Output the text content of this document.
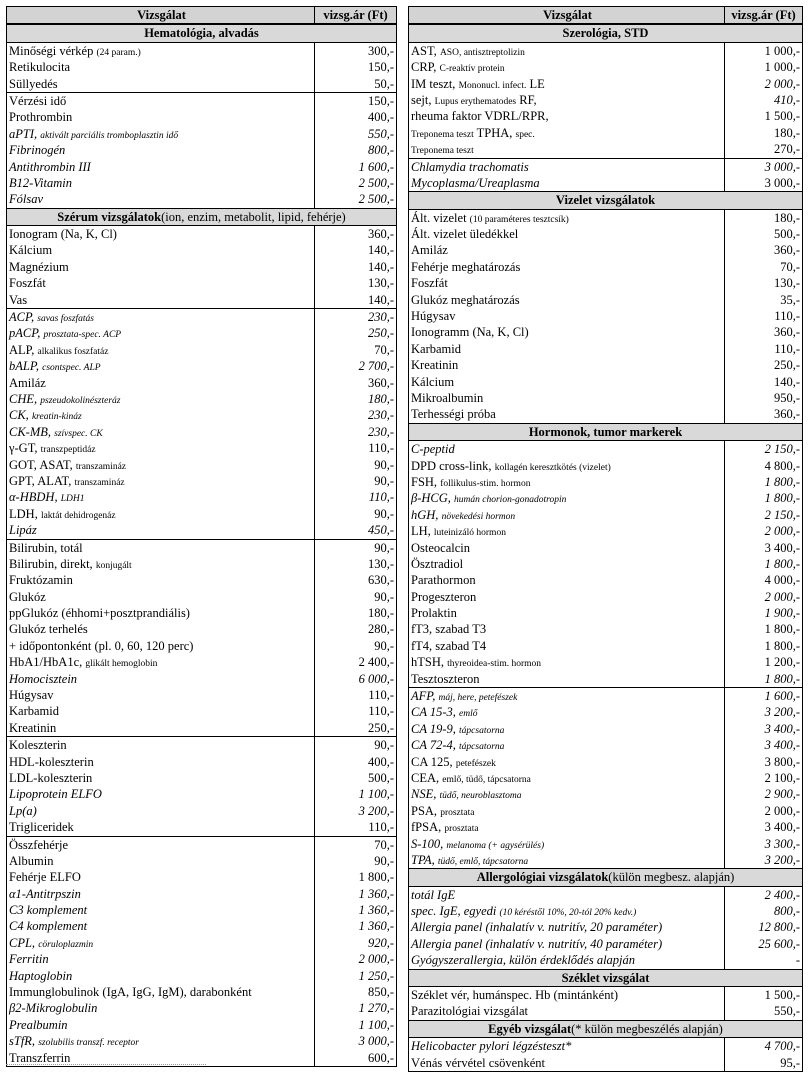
Vizsgálat	vizsg.ár (Ft)
Hematológia, alvadás
Minőségi vérkép (24 param.)	300,-
Retikulocita	150,-
Süllyedés	50,-
Vérzési idő	150,-
Prothrombin	400,-
aPTI, aktivált parciális tromboplasztin idő	550,-
Fibrinogén	800,-
Antithrombin III	1 600,-
B12-Vitamin	2 500,-
Fólsav	2 500,-
Szérum vizsgálatok(ion, enzim, metabolit, lipid, fehérje)
Ionogram (Na, K, Cl)	360,-
Kálcium	140,-
Magnézium	140,-
Foszfát	130,-
Vas	140,-
ACP, savas foszfatás	230,-
pACP, prosztata-spec. ACP	250,-
ALP, alkalikus foszfatáz	70,-
bALP, csontspec. ALP	2 700,-
Amiláz	360,-
CHE, pszeudokolinészteráz	180,-
CK, kreatin-kináz	230,-
CK-MB, szívspec. CK	230,-
γ-GT, transzpeptidáz	110,-
GOT, ASAT, transzamináz	90,-
GPT, ALAT, transzamináz	90,-
α-HBDH, LDH1	110,-
LDH, laktát dehidrogenáz	90,-
Lipáz	450,-
Bilirubin, totál	90,-
Bilirubin, direkt, konjugált	130,-
Fruktózamin	630,-
Glukóz	90,-
ppGlukóz (éhhomi+posztprandiális)	180,-
Glukóz terhelés	280,-
+ időpontonként (pl. 0, 60, 120 perc)	90,-
HbA1/HbA1c, glikált hemoglobin	2 400,-
Homocisztein	6 000,-
Húgysav	110,-
Karbamid	110,-
Kreatinin	250,-
Koleszterin	90,-
HDL-koleszterin	400,-
LDL-koleszterin	500,-
Lipoprotein ELFO	1 100,-
Lp(a)	3 200,-
Trigliceridek	110,-
Összfehérje	70,-
Albumin	90,-
Fehérje ELFO	1 800,-
α1-Antitrpszin	1 360,-
C3 komplement	1 360,-
C4 komplement	1 360,-
CPL, cöruloplazmin	920,-
Ferritin	2 000,-
Haptoglobin	1 250,-
Immunglobulinok (IgA, IgG, IgM), darabonként	850,-
β2-Mikroglobulin	1 270,-
Prealbumin	1 100,-
sTfR, szolubilis transzf. receptor	3 000,-
Transzferrin	600,-
Vizsgálat	vizsg.ár (Ft)
Szerológia, STD
AST, ASO, antisztreptolizin	1 000,-
CRP, C-reaktív protein	1 000,-
IM teszt, Mononucl. infect. LE	2 000,-
sejt, Lupus erythematodes RF,	410,-
rheuma faktor VDRL/RPR,	1 500,-
Treponema teszt TPHA, spec.	180,-
Treponema teszt	270,-
Chlamydia trachomatis	3 000,-
Mycoplasma/Ureaplasma	3 000,-
Vizelet vizsgálatok
Ált. vizelet (10 paraméteres tesztcsík)	180,-
Ált. vizelet üledékkel	500,-
Amiláz	360,-
Fehérje meghatározás	70,-
Foszfát	130,-
Glukóz meghatározás	35,-
Húgysav	110,-
Ionogramm (Na, K, Cl)	360,-
Karbamid	110,-
Kreatinin	250,-
Kálcium	140,-
Mikroalbumin	950,-
Terhességi próba	360,-
Hormonok, tumor markerek
C-peptid	2 150,-
DPD cross-link, kollagén keresztkötés (vizelet)	4 800,-
FSH, follikulus-stim. hormon	1 800,-
β-HCG, humán chorion-gonadotropin	1 800,-
hGH, növekedési hormon	2 150,-
LH, luteinizáló hormon	2 000,-
Osteocalcin	3 400,-
Ösztradiol	1 800,-
Parathormon	4 000,-
Progeszteron	2 000,-
Prolaktin	1 900,-
fT3, szabad T3	1 800,-
fT4, szabad T4	1 800,-
hTSH, thyreoidea-stim. hormon	1 200,-
Tesztoszteron	1 800,-
AFP, máj, here, petefészek	1 600,-
CA 15-3, emlő	3 200,-
CA 19-9, tápcsatorna	3 400,-
CA 72-4, tápcsatorna	3 400,-
CA 125, petefészek	3 800,-
CEA, emlő, tüdő, tápcsatorna	2 100,-
NSE, tüdő, neuroblasztoma	2 900,-
PSA, prosztata	2 000,-
fPSA, prosztata	3 400,-
S-100, melanoma (+ agysérülés)	3 300,-
TPA, tüdő, emlő, tápcsatorna	3 200,-
Allergológiai vizsgálatok(külön megbesz. alapján)
totál IgE	2 400,-
spec. IgE, egyedi (10 kéréstől 10%, 20-tól 20% kedv.)	800,-
Allergia panel (inhalatív v. nutritív, 20 paraméter)	12 800,-
Allergia panel (inhalatív v. nutritív, 40 paraméter)	25 600,-
Gyógyszerallergia, külön érdeklődés alapján	-
Széklet vizsgálat
Széklet vér, humánspec. Hb (mintánként)	1 500,-
Parazitológiai vizsgálat	550,-
Egyéb vizsgálat(* külön megbeszélés alapján)
Helicobacter pylori légzésteszt*	4 700,-
Vénás vérvétel csövenként	95,-
